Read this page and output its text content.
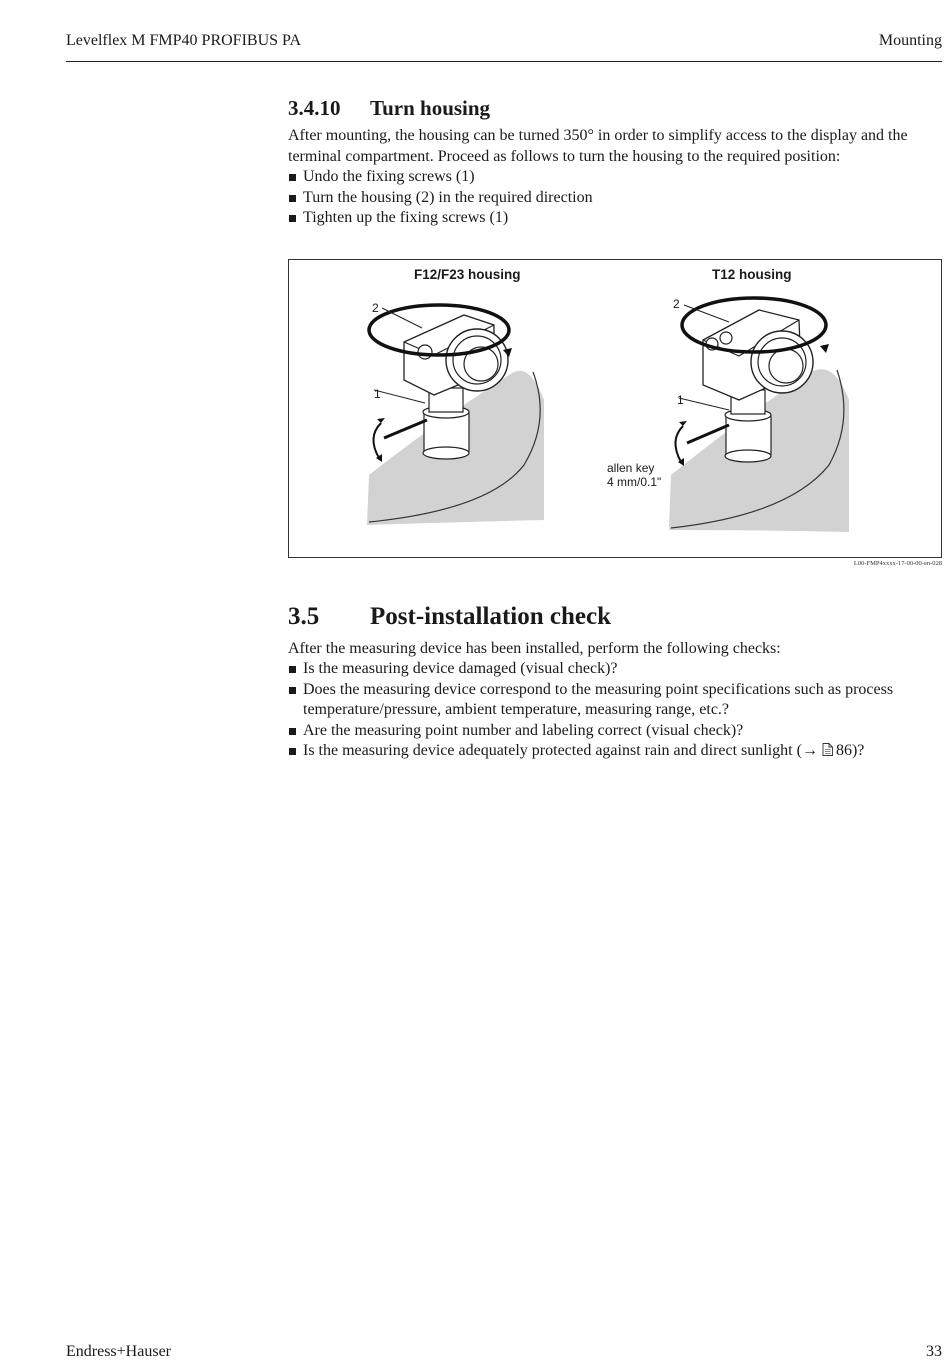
Levelflex M FMP40 PROFIBUS PA	Mounting
3.4.10	Turn housing

After mounting, the housing can be turned 350° in order to simplify access to the display and the terminal compartment. Proceed as follows to turn the housing to the required position:

Undo the fixing screws (1)
Turn the housing (2) in the required direction
Tighten up the fixing screws (1)
F12/F23 housing	T12 housing
2
1
2
1
allen key
4 mm/0.1"
L00-FMP4xxxx-17-00-00-en-028
3.5	Post-installation check

After the measuring device has been installed, perform the following checks:

Is the measuring device damaged (visual check)?
Does the measuring device correspond to the measuring point specifications such as process temperature/pressure, ambient temperature, measuring range, etc.?
Are the measuring point number and labeling correct (visual check)?
Is the measuring device adequately protected against rain and direct sunlight (→ 86)?
Endress+Hauser	33
